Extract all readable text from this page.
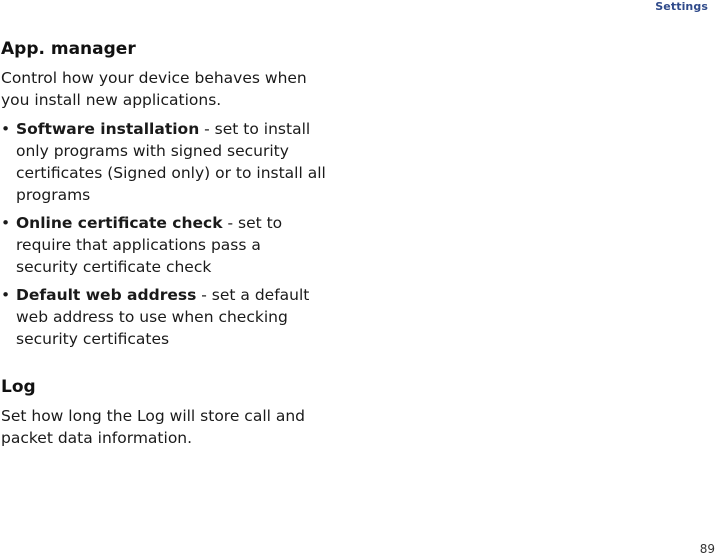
Settings
App. manager

Control how your device behaves when you install new applications.

• Software installation - set to install only programs with signed security certificates (Signed only) or to install all programs
• Online certificate check - set to require that applications pass a security certificate check
• Default web address - set a default web address to use when checking security certificates
Log

Set how long the Log will store call and packet data information.

89
